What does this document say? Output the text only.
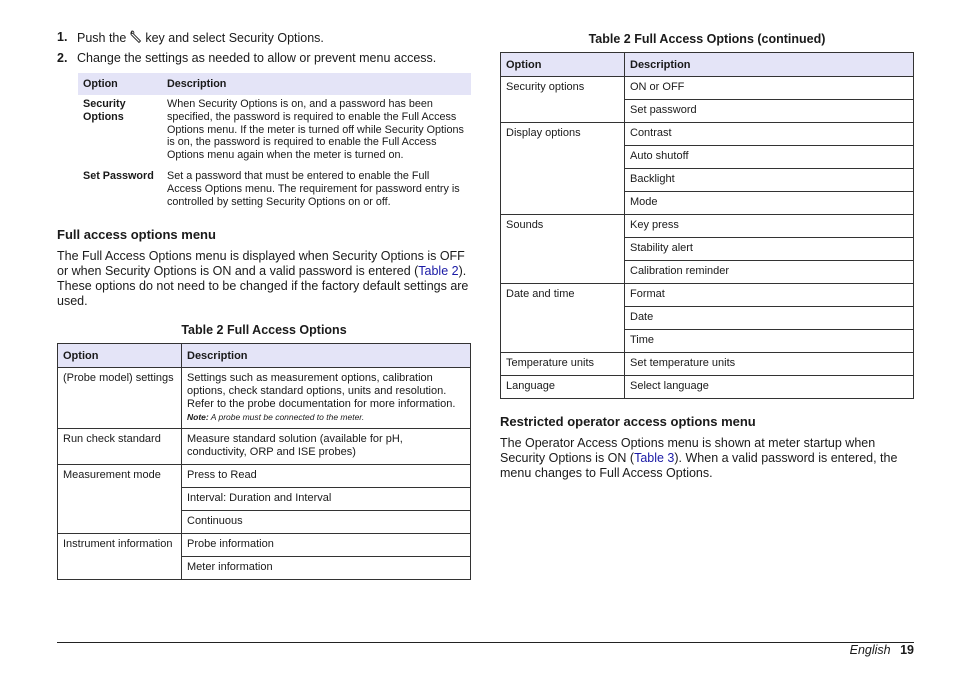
1. Push the key and select Security Options.
2. Change the settings as needed to allow or prevent menu access.
Option	Description
Security Options	When Security Options is on, and a password has been specified, the password is required to enable the Full Access Options menu. If the meter is turned off while Security Options is on, the password is required to enable the Full Access Options menu again when the meter is turned on.
Set Password	Set a password that must be entered to enable the Full Access Options menu. The requirement for password entry is controlled by setting Security Options on or off.
Full access options menu

The Full Access Options menu is displayed when Security Options is OFF or when Security Options is ON and a valid password is entered (Table 2). These options do not need to be changed if the factory default settings are used.

Table 2 Full Access Options
Option	Description
(Probe model) settings	Settings such as measurement options, calibration options, check standard options, units and resolution. Refer to the probe documentation for more information.
Note: A probe must be connected to the meter.
Run check standard	Measure standard solution (available for pH, conductivity, ORP and ISE probes)
Measurement mode	Press to Read
	Interval: Duration and Interval
	Continuous
Instrument information	Probe information
	Meter information
Table 2 Full Access Options (continued)
Option	Description
Security options	ON or OFF
	Set password
Display options	Contrast
	Auto shutoff
	Backlight
	Mode
Sounds	Key press
	Stability alert
	Calibration reminder
Date and time	Format
	Date
	Time
Temperature units	Set temperature units
Language	Select language
Restricted operator access options menu

The Operator Access Options menu is shown at meter startup when Security Options is ON (Table 3). When a valid password is entered, the menu changes to Full Access Options.

English 19
